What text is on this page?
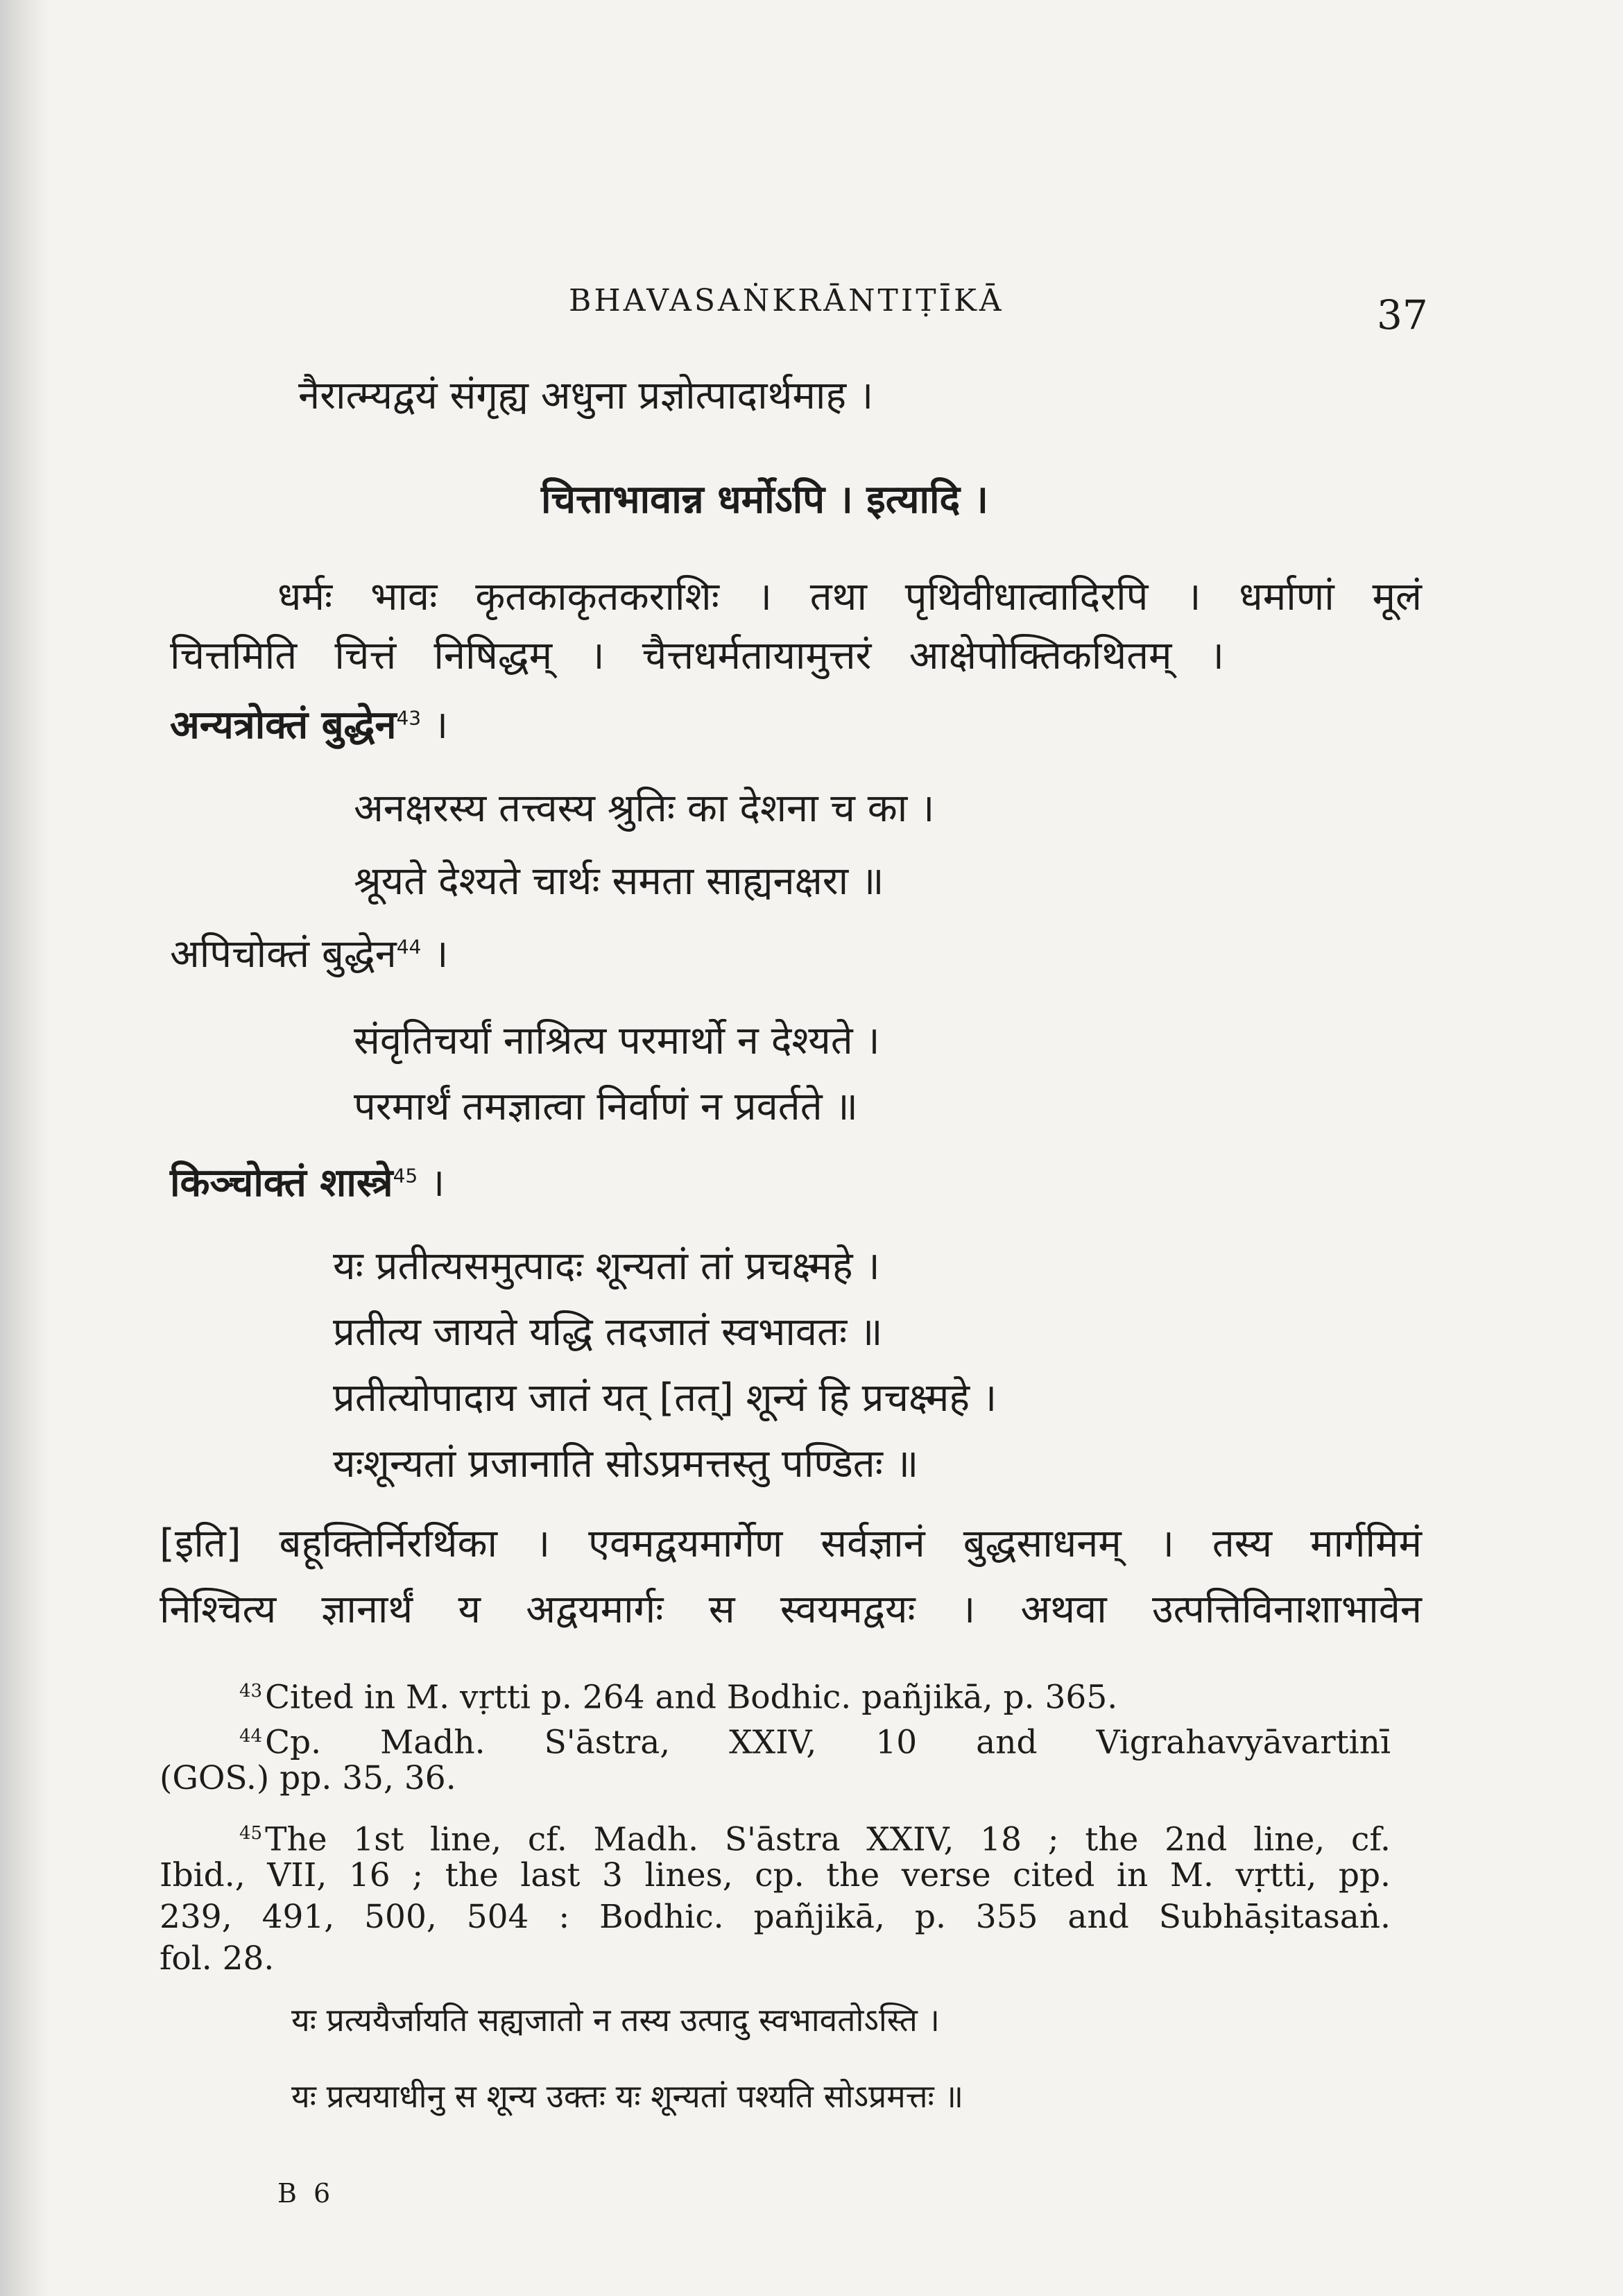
BHAVASAṄKRĀNTIṬĪKĀ	37
नैरात्म्यद्वयं संगृह्य अधुना प्रज्ञोत्पादार्थमाह ।
चित्ताभावान्न धर्मोऽपि । इत्यादि ।
धर्मः भावः कृतकाकृतकराशिः । तथा पृथिवीधात्वादिरपि । धर्माणां मूलं
चित्तमिति चित्तं निषिद्धम् । चैत्तधर्मतायामुत्तरं आक्षेपोक्तिकथितम् ।
अन्यत्रोक्तं बुद्धेन$^{43}$ ।
अनक्षरस्य तत्त्वस्य श्रुतिः का देशना च का ।
श्रूयते देश्यते चार्थः समता साह्यनक्षरा ॥
अपिचोक्तं बुद्धेन$^{44}$ ।
संवृतिचर्यां नाश्रित्य परमार्थो न देश्यते ।
परमार्थं तमज्ञात्वा निर्वाणं न प्रवर्तते ॥
किञ्चोक्तं शास्त्रे$^{45}$ ।
यः प्रतीत्यसमुत्पादः शून्यतां तां प्रचक्ष्महे ।
प्रतीत्य जायते यद्धि तदजातं स्वभावतः ॥
प्रतीत्योपादाय जातं यत् [तत्] शून्यं हि प्रचक्ष्महे ।
यःशून्यतां प्रजानाति सोऽप्रमत्तस्तु पण्डितः ॥
[इति] बहूक्तिर्निरर्थिका । एवमद्वयमार्गेण सर्वज्ञानं बुद्धसाधनम् । तस्य मार्गमिमं
निश्चित्य ज्ञानार्थं य अद्वयमार्गः स स्वयमद्वयः । अथवा उत्पत्तिविनाशाभावेन
$^{43}$Cited in M. vṛtti p. 264 and Bodhic. pañjikā, p. 365.
$^{44}$Cp. Madh. S'āstra, XXIV, 10 and Vigrahavyāvartinī
(GOS.) pp. 35, 36.
$^{45}$The 1st line, cf. Madh. S'āstra XXIV, 18 ; the 2nd line, cf.
Ibid., VII, 16 ; the last 3 lines, cp. the verse cited in M. vṛtti, pp.
239, 491, 500, 504 : Bodhic. pañjikā, p. 355 and Subhāṣitasaṅ.
fol. 28.
यः प्रत्ययैर्जायति सह्यजातो न तस्य उत्पादु स्वभावतोऽस्ति ।
यः प्रत्ययाधीनु स शून्य उक्तः यः शून्यतां पश्यति सोऽप्रमत्तः ॥
B 6
